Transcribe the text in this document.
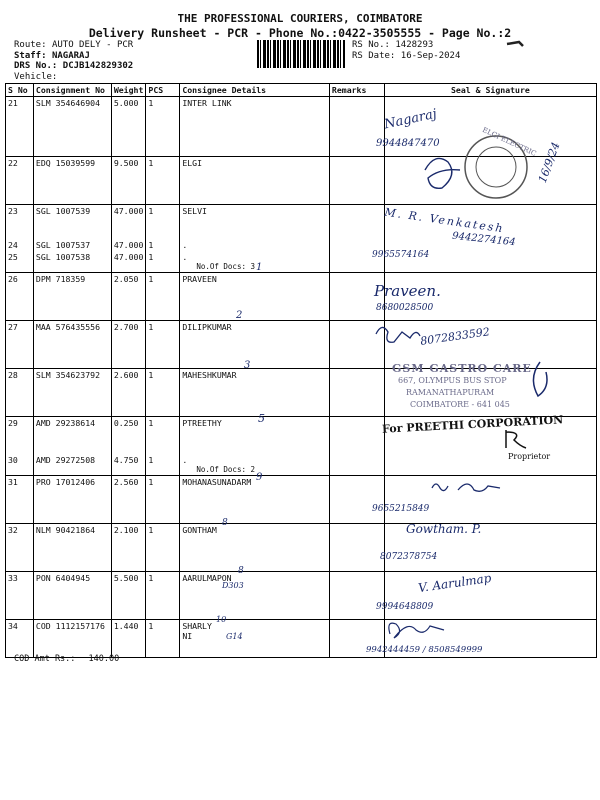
THE PROFESSIONAL COURIERS, COIMBATORE
Delivery Runsheet - PCR - Phone No.:0422-3505555 - Page No.:2
Route: AUTO DELY - PCR
Staff: NAGARAJ
DRS No.: DCJB142829302
Vehicle:
RS No.: 1428293
RS Date: 16-Sep-2024
S No	Consignment No	Weight	PCS	Consignee Details	Remarks	Seal & Signature
21	SLM 354646904	5.000	1	INTER LINK		
22	EDQ 15039599	9.500	1	ELGI		
23	SGL 1007539	47.000	1	SELVI		
24	SGL 1007537	47.000	1	.		
25	SGL 1007538	47.000	1	.
No.Of Docs: 3		

26	DPM 718359	2.050	1	PRAVEEN		
27	MAA 576435556	2.700	1	DILIPKUMAR		
28	SLM 354623792	2.600	1	MAHESHKUMAR		
29	AMD 29238614	0.250	1	PTREETHY		
30	AMD 29272508	4.750	1	.
No.Of Docs: 2		

31	PRO 17012406	2.560	1	MOHANASUNADARM		
32	NLM 90421864	2.100	1	GONTHAM		
33	PON 6404945	5.500	1	AARULMAPON		
34	COD 1112157176	1.440	1	SHARLY
NI		

COD Amt Rs.: 140.00
Nagaraj
9944847470	ELGI ELECTRIC
16/9/24
M. R. Venkatesh
9442274164
9965574164
Praveen.
8680028500
1
8072833592
2
GSM GASTRO CARE
667, OLYMPUS BUS STOP
RAMANATHAPURAM
COIMBATORE - 641 045
3
For PREETHI CORPORATION
Proprietor
5
9
9655215849
Gowtham. P.
8072378754
8
V. Aarulmap
9994648809
8
D303
9942444459 / 8508549999
10
G14
